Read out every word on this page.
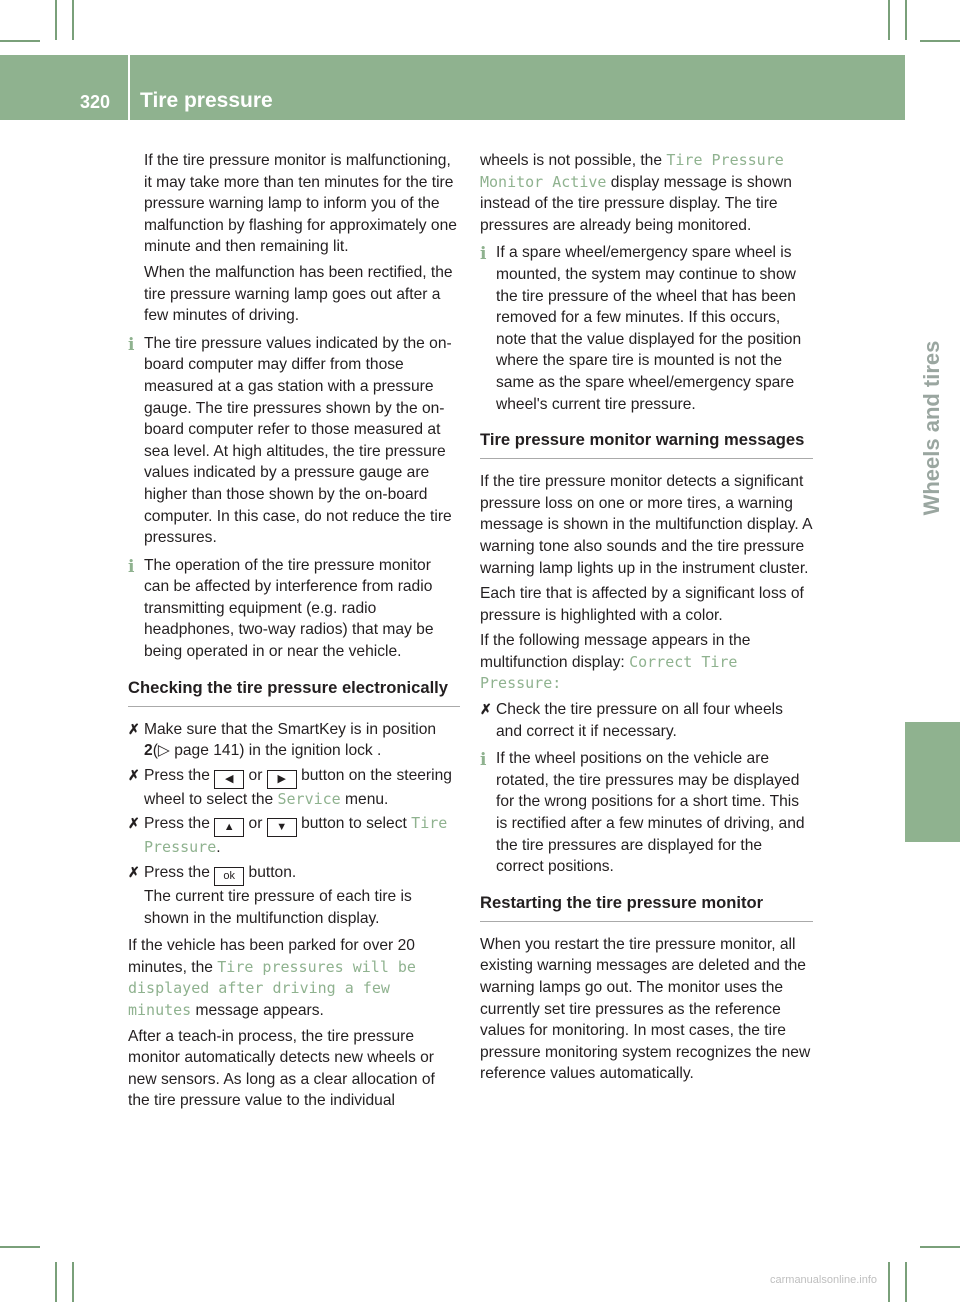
320 Tire pressure
Wheels and tires

If the tire pressure monitor is malfunctioning, it may take more than ten minutes for the tire pressure warning lamp to inform you of the malfunction by flashing for approximately one minute and then remaining lit.

When the malfunction has been rectified, the tire pressure warning lamp goes out after a few minutes of driving.

i The tire pressure values indicated by the on-board computer may differ from those measured at a gas station with a pressure gauge. The tire pressures shown by the on-board computer refer to those measured at sea level. At high altitudes, the tire pressure values indicated by a pressure gauge are higher than those shown by the on-board computer. In this case, do not reduce the tire pressures.
i The operation of the tire pressure monitor can be affected by interference from radio transmitting equipment (e.g. radio headphones, two-way radios) that may be being operated in or near the vehicle.
Checking the tire pressure electronically
✗ Make sure that the SmartKey is in position 2(▷ page 141) in the ignition lock .
✗ Press the ◀ or ▶ button on the steering wheel to select the Service menu.
✗ Press the ▲ or ▼ button to select Tire Pressure.
✗ Press the ok button.
The current tire pressure of each tire is shown in the multifunction display.

If the vehicle has been parked for over 20 minutes, the Tire pressures will be displayed after driving a few minutes message appears.

After a teach-in process, the tire pressure monitor automatically detects new wheels or new sensors. As long as a clear allocation of the tire pressure value to the individual

wheels is not possible, the Tire Pressure Monitor Active display message is shown instead of the tire pressure display. The tire pressures are already being monitored.

i If a spare wheel/emergency spare wheel is mounted, the system may continue to show the tire pressure of the wheel that has been removed for a few minutes. If this occurs, note that the value displayed for the position where the spare tire is mounted is not the same as the spare wheel/emergency spare wheel's current tire pressure.
Tire pressure monitor warning messages

If the tire pressure monitor detects a significant pressure loss on one or more tires, a warning message is shown in the multifunction display. A warning tone also sounds and the tire pressure warning lamp lights up in the instrument cluster.

Each tire that is affected by a significant loss of pressure is highlighted with a color.

If the following message appears in the multifunction display: Correct Tire Pressure:

✗ Check the tire pressure on all four wheels and correct it if necessary.
i If the wheel positions on the vehicle are rotated, the tire pressures may be displayed for the wrong positions for a short time. This is rectified after a few minutes of driving, and the tire pressures are displayed for the correct positions.
Restarting the tire pressure monitor

When you restart the tire pressure monitor, all existing warning messages are deleted and the warning lamps go out. The monitor uses the currently set tire pressures as the reference values for monitoring. In most cases, the tire pressure monitoring system recognizes the new reference values automatically.

carmanualsonline.info
